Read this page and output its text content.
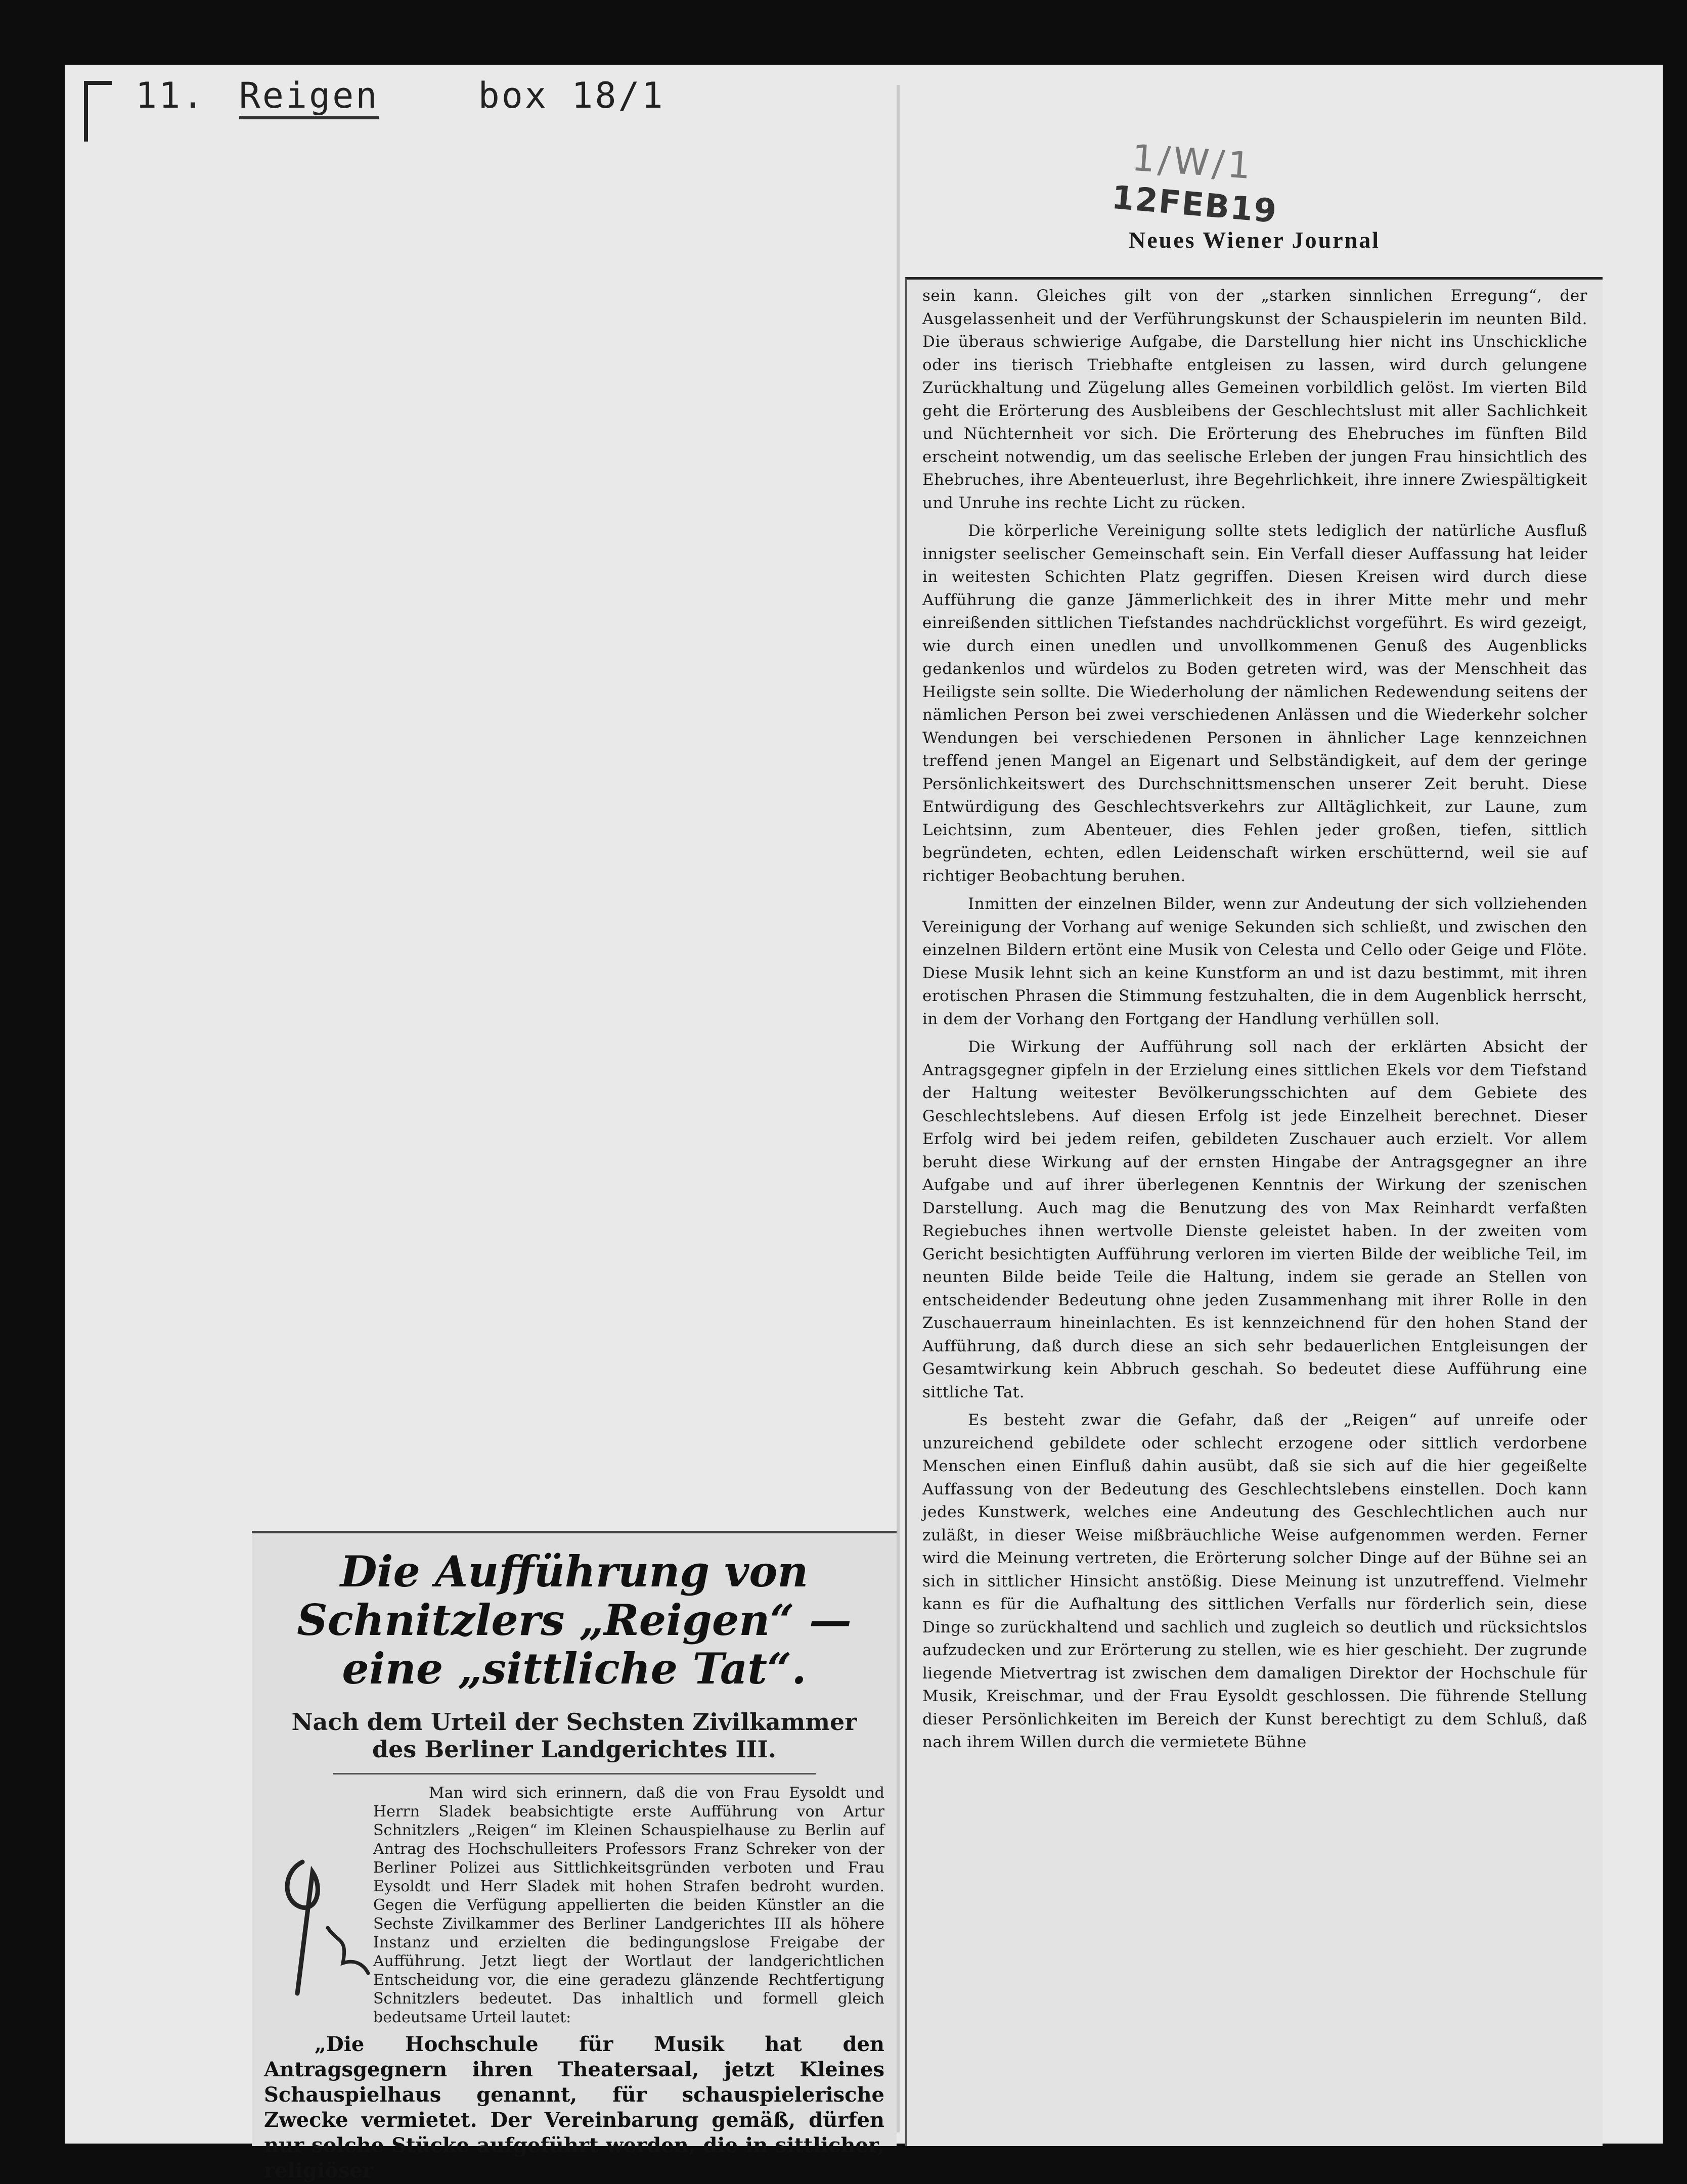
11. Reigen	box 18/1
1/W/1
12FEB19
Neues Wiener Journal

sein kann. Gleiches gilt von der „starken sinnlichen Erregung“, der Ausgelassenheit und der Verführungskunst der Schauspielerin im neunten Bild. Die überaus schwierige Aufgabe, die Darstellung hier nicht ins Unschickliche oder ins tierisch Triebhafte entgleisen zu lassen, wird durch gelungene Zurückhaltung und Zügelung alles Gemeinen vorbildlich gelöst. Im vierten Bild geht die Erörterung des Ausbleibens der Geschlechtslust mit aller Sachlichkeit und Nüchternheit vor sich. Die Erörterung des Ehebruches im fünften Bild erscheint notwendig, um das seelische Erleben der jungen Frau hinsichtlich des Ehebruches, ihre Abenteuerlust, ihre Begehrlichkeit, ihre innere Zwiespältigkeit und Unruhe ins rechte Licht zu rücken.

Die körperliche Vereinigung sollte stets lediglich der natürliche Ausfluß innigster seelischer Gemeinschaft sein. Ein Verfall dieser Auffassung hat leider in weitesten Schichten Platz gegriffen. Diesen Kreisen wird durch diese Aufführung die ganze Jämmerlichkeit des in ihrer Mitte mehr und mehr einreißenden sittlichen Tiefstandes nachdrücklichst vorgeführt. Es wird gezeigt, wie durch einen unedlen und unvollkommenen Genuß des Augenblicks gedankenlos und würdelos zu Boden getreten wird, was der Menschheit das Heiligste sein sollte. Die Wiederholung der nämlichen Redewendung seitens der nämlichen Person bei zwei verschiedenen Anlässen und die Wiederkehr solcher Wendungen bei verschiedenen Personen in ähnlicher Lage kennzeichnen treffend jenen Mangel an Eigenart und Selbständigkeit, auf dem der geringe Persönlichkeitswert des Durchschnittsmenschen unserer Zeit beruht. Diese Entwürdigung des Geschlechtsverkehrs zur Alltäglichkeit, zur Laune, zum Leichtsinn, zum Abenteuer, dies Fehlen jeder großen, tiefen, sittlich begründeten, echten, edlen Leidenschaft wirken erschütternd, weil sie auf richtiger Beobachtung beruhen.

Inmitten der einzelnen Bilder, wenn zur Andeutung der sich vollziehenden Vereinigung der Vorhang auf wenige Sekunden sich schließt, und zwischen den einzelnen Bildern ertönt eine Musik von Celesta und Cello oder Geige und Flöte. Diese Musik lehnt sich an keine Kunstform an und ist dazu bestimmt, mit ihren erotischen Phrasen die Stimmung festzuhalten, die in dem Augenblick herrscht, in dem der Vorhang den Fortgang der Handlung verhüllen soll.

Die Wirkung der Aufführung soll nach der erklärten Absicht der Antragsgegner gipfeln in der Erzielung eines sittlichen Ekels vor dem Tiefstand der Haltung weitester Bevölkerungsschichten auf dem Gebiete des Geschlechtslebens. Auf diesen Erfolg ist jede Einzelheit berechnet. Dieser Erfolg wird bei jedem reifen, gebildeten Zuschauer auch erzielt. Vor allem beruht diese Wirkung auf der ernsten Hingabe der Antragsgegner an ihre Aufgabe und auf ihrer überlegenen Kenntnis der Wirkung der szenischen Darstellung. Auch mag die Benutzung des von Max Reinhardt verfaßten Regiebuches ihnen wertvolle Dienste geleistet haben. In der zweiten vom Gericht besichtigten Aufführung verloren im vierten Bilde der weibliche Teil, im neunten Bilde beide Teile die Haltung, indem sie gerade an Stellen von entscheidender Bedeutung ohne jeden Zusammenhang mit ihrer Rolle in den Zuschauerraum hineinlachten. Es ist kennzeichnend für den hohen Stand der Aufführung, daß durch diese an sich sehr bedauerlichen Entgleisungen der Gesamtwirkung kein Abbruch geschah. So bedeutet diese Aufführung eine sittliche Tat.

Es besteht zwar die Gefahr, daß der „Reigen“ auf unreife oder unzureichend gebildete oder schlecht erzogene oder sittlich verdorbene Menschen einen Einfluß dahin ausübt, daß sie sich auf die hier gegeißelte Auffassung von der Bedeutung des Geschlechtslebens einstellen. Doch kann jedes Kunstwerk, welches eine Andeutung des Geschlechtlichen auch nur zuläßt, in dieser Weise mißbräuchliche Weise aufgenommen werden. Ferner wird die Meinung vertreten, die Erörterung solcher Dinge auf der Bühne sei an sich in sittlicher Hinsicht anstößig. Diese Meinung ist unzutreffend. Vielmehr kann es für die Aufhaltung des sittlichen Verfalls nur förderlich sein, diese Dinge so zurückhaltend und sachlich und zugleich so deutlich und rücksichtslos aufzudecken und zur Erörterung zu stellen, wie es hier geschieht. Der zugrunde liegende Mietvertrag ist zwischen dem damaligen Direktor der Hochschule für Musik, Kreischmar, und der Frau Eysoldt geschlossen. Die führende Stellung dieser Persönlichkeiten im Bereich der Kunst berechtigt zu dem Schluß, daß nach ihrem Willen durch die vermietete Bühne

Die Aufführung von Schnitzlers „Reigen“ — eine „sittliche Tat“.
Nach dem Urteil der Sechsten Zivilkammer des Berliner Landgerichtes III.

Man wird sich erinnern, daß die von Frau Eysoldt und Herrn Sladek beabsichtigte erste Aufführung von Artur Schnitzlers „Reigen“ im Kleinen Schauspielhause zu Berlin auf Antrag des Hochschulleiters Professors Franz Schreker von der Berliner Polizei aus Sittlichkeitsgründen verboten und Frau Eysoldt und Herr Sladek mit hohen Strafen bedroht wurden. Gegen die Verfügung appellierten die beiden Künstler an die Sechste Zivilkammer des Berliner Landgerichtes III als höhere Instanz und erzielten die bedingungslose Freigabe der Aufführung. Jetzt liegt der Wortlaut der landgerichtlichen Entscheidung vor, die eine geradezu glänzende Rechtfertigung Schnitzlers bedeutet. Das inhaltlich und formell gleich bedeutsame Urteil lautet:

„Die Hochschule für Musik hat den Antragsgegnern ihren Theatersaal, jetzt Kleines Schauspielhaus genannt, für schauspielerische Zwecke vermietet. Der Vereinbarung gemäß, dürfen nur solche Stücke aufgeführt werden, die in sittlicher, religiöser
